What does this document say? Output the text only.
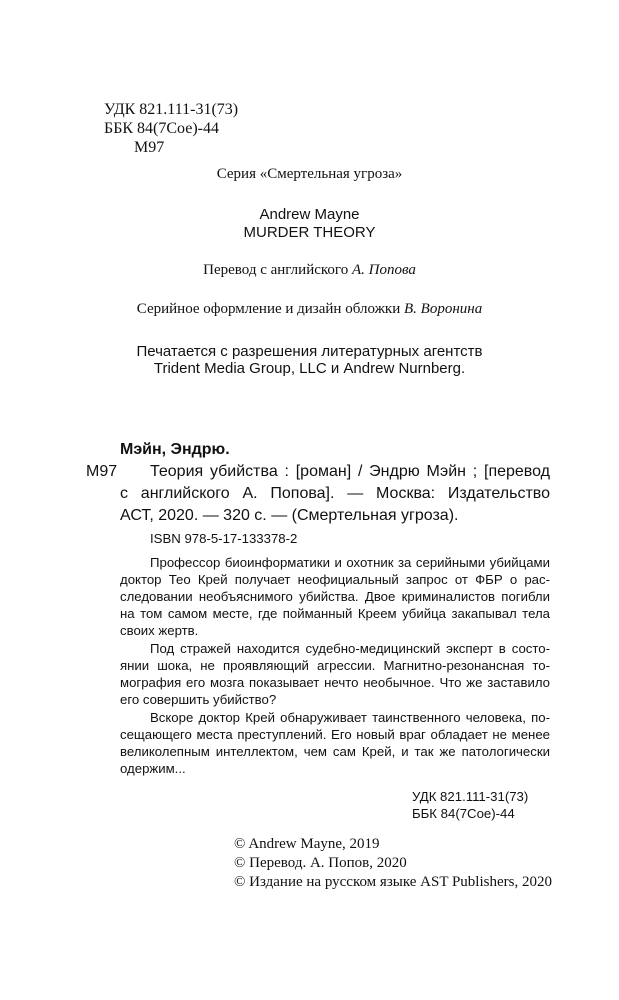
УДК 821.111-31(73)
ББК 84(7Сое)-44
М97
Серия «Смертельная угроза»
Andrew Mayne
MURDER THEORY
Перевод с английского А. Попова
Серийное оформление и дизайн обложки В. Воронина
Печатается с разрешения литературных агентств
Trident Media Group, LLC и Andrew Nurnberg.
Мэйн, Эндрю.
М97 Теория убийства : [роман] / Эндрю Мэйн ; [перевод
с английского А. Попова]. — Москва: Издательство
АСТ, 2020. — 320 с. — (Смертельная угроза).
ISBN 978-5-17-133378-2
Профессор биоинформатики и охотник за серийными убийцами
доктор Тео Крей получает неофициальный запрос от ФБР о рас-
следовании необъяснимого убийства. Двое криминалистов погибли
на том самом месте, где пойманный Креем убийца закапывал тела
своих жертв.
Под стражей находится судебно-медицинский эксперт в состо-
янии шока, не проявляющий агрессии. Магнитно-резонансная то-
мография его мозга показывает нечто необычное. Что же заставило
его совершить убийство?
Вскоре доктор Крей обнаруживает таинственного человека, по-
сещающего места преступлений. Его новый враг обладает не менее
великолепным интеллектом, чем сам Крей, и так же патологически
одержим...
УДК 821.111-31(73)
ББК 84(7Сое)-44
© Andrew Mayne, 2019
© Перевод. А. Попов, 2020
© Издание на русском языке AST Publishers, 2020
